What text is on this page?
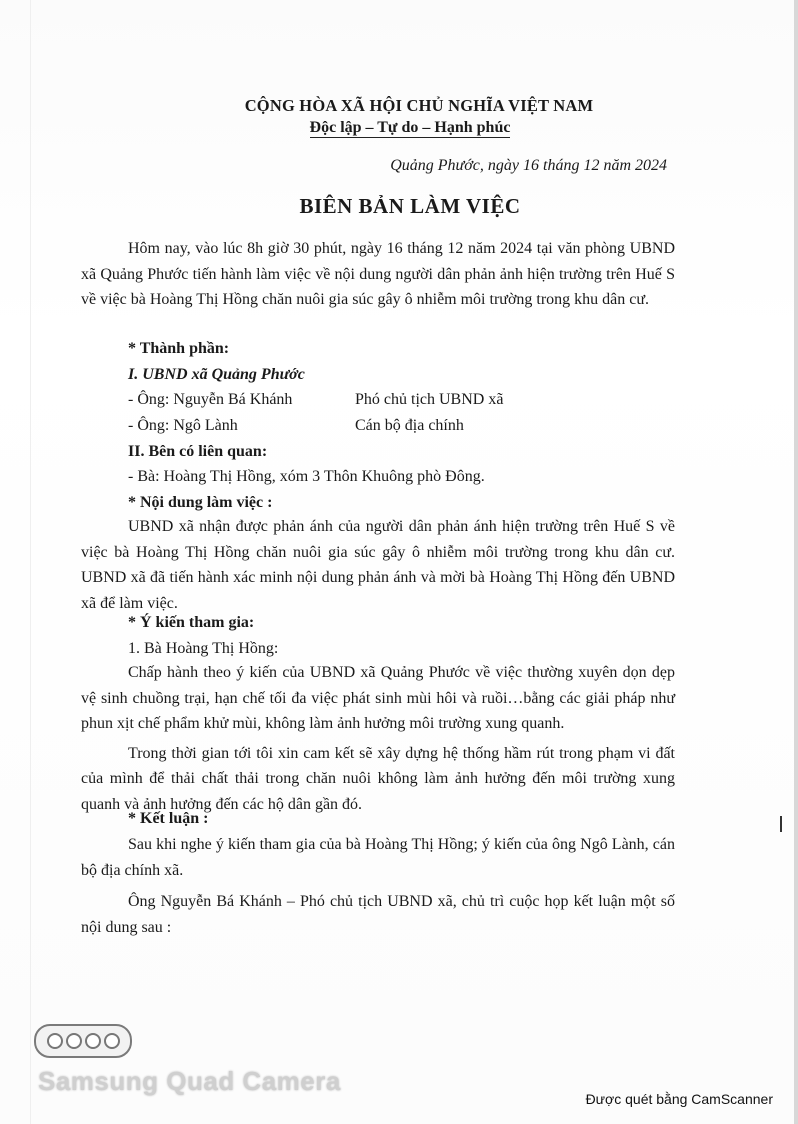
CỘNG HÒA XÃ HỘI CHỦ NGHĨA VIỆT NAM
Độc lập – Tự do – Hạnh phúc
Quảng Phước, ngày 16 tháng 12 năm 2024
BIÊN BẢN LÀM VIỆC

Hôm nay, vào lúc 8h giờ 30 phút, ngày 16 tháng 12 năm 2024 tại văn phòng UBND xã Quảng Phước tiến hành làm việc về nội dung người dân phản ảnh hiện trường trên Huế S về việc bà Hoàng Thị Hồng chăn nuôi gia súc gây ô nhiễm môi trường trong khu dân cư.

* Thành phần:
I. UBND xã Quảng Phước
- Ông: Nguyễn Bá Khánh	Phó chủ tịch UBND xã
- Ông: Ngô Lành	Cán bộ địa chính
II. Bên có liên quan:
- Bà: Hoàng Thị Hồng, xóm 3 Thôn Khuông phò Đông.
* Nội dung làm việc :

UBND xã nhận được phản ánh của người dân phản ánh hiện trường trên Huế S về việc bà Hoàng Thị Hồng chăn nuôi gia súc gây ô nhiễm môi trường trong khu dân cư. UBND xã đã tiến hành xác minh nội dung phản ánh và mời bà Hoàng Thị Hồng đến UBND xã để làm việc.

* Ý kiến tham gia:
1. Bà Hoàng Thị Hồng:

Chấp hành theo ý kiến của UBND xã Quảng Phước về việc thường xuyên dọn dẹp vệ sinh chuồng trại, hạn chế tối đa việc phát sinh mùi hôi và ruồi…bằng các giải pháp như phun xịt chế phẩm khử mùi, không làm ảnh hưởng môi trường xung quanh.

Trong thời gian tới tôi xin cam kết sẽ xây dựng hệ thống hầm rút trong phạm vi đất của mình để thải chất thải trong chăn nuôi không làm ảnh hưởng đến môi trường xung quanh và ảnh hưởng đến các hộ dân gần đó.

* Kết luận :

Sau khi nghe ý kiến tham gia của bà Hoàng Thị Hồng; ý kiến của ông Ngô Lành, cán bộ địa chính xã.

Ông Nguyễn Bá Khánh – Phó chủ tịch UBND xã, chủ trì cuộc họp kết luận một số nội dung sau :

Samsung Quad Camera
Được quét bằng CamScanner
